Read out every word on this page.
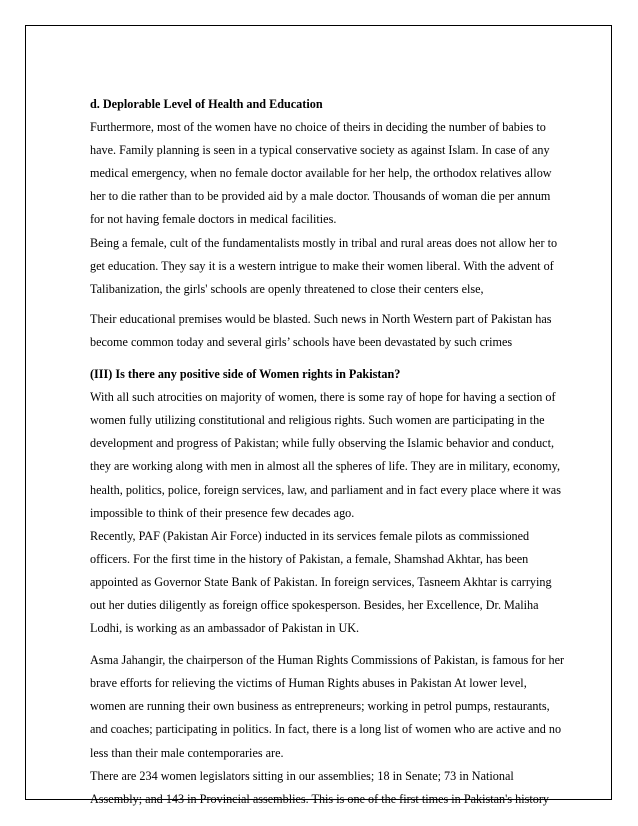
d. Deplorable Level of Health and Education
Furthermore, most of the women have no choice of theirs in deciding the number of babies to
have. Family planning is seen in a typical conservative society as against Islam. In case of any
medical emergency, when no female doctor available for her help, the orthodox relatives allow
her to die rather than to be provided aid by a male doctor. Thousands of woman die per annum
for not having female doctors in medical facilities.
Being a female, cult of the fundamentalists mostly in tribal and rural areas does not allow her to
get education. They say it is a western intrigue to make their women liberal. With the advent of
Talibanization, the girls' schools are openly threatened to close their centers else,
Their educational premises would be blasted. Such news in North Western part of Pakistan has
become common today and several girls’ schools have been devastated by such crimes
(III) Is there any positive side of Women rights in Pakistan?
With all such atrocities on majority of women, there is some ray of hope for having a section of
women fully utilizing constitutional and religious rights. Such women are participating in the
development and progress of Pakistan; while fully observing the Islamic behavior and conduct,
they are working along with men in almost all the spheres of life. They are in military, economy,
health, politics, police, foreign services, law, and parliament and in fact every place where it was
impossible to think of their presence few decades ago.
Recently, PAF (Pakistan Air Force) inducted in its services female pilots as commissioned
officers. For the first time in the history of Pakistan, a female, Shamshad Akhtar, has been
appointed as Governor State Bank of Pakistan. In foreign services, Tasneem Akhtar is carrying
out her duties diligently as foreign office spokesperson. Besides, her Excellence, Dr. Maliha
Lodhi, is working as an ambassador of Pakistan in UK.
Asma Jahangir, the chairperson of the Human Rights Commissions of Pakistan, is famous for her
brave efforts for relieving the victims of Human Rights abuses in Pakistan At lower level,
women are running their own business as entrepreneurs; working in petrol pumps, restaurants,
and coaches; participating in politics. In fact, there is a long list of women who are active and no
less than their male contemporaries are.
There are 234 women legislators sitting in our assemblies; 18 in Senate; 73 in National
Assembly; and 143 in Provincial assemblies. This is one of the first times in Pakistan's history
